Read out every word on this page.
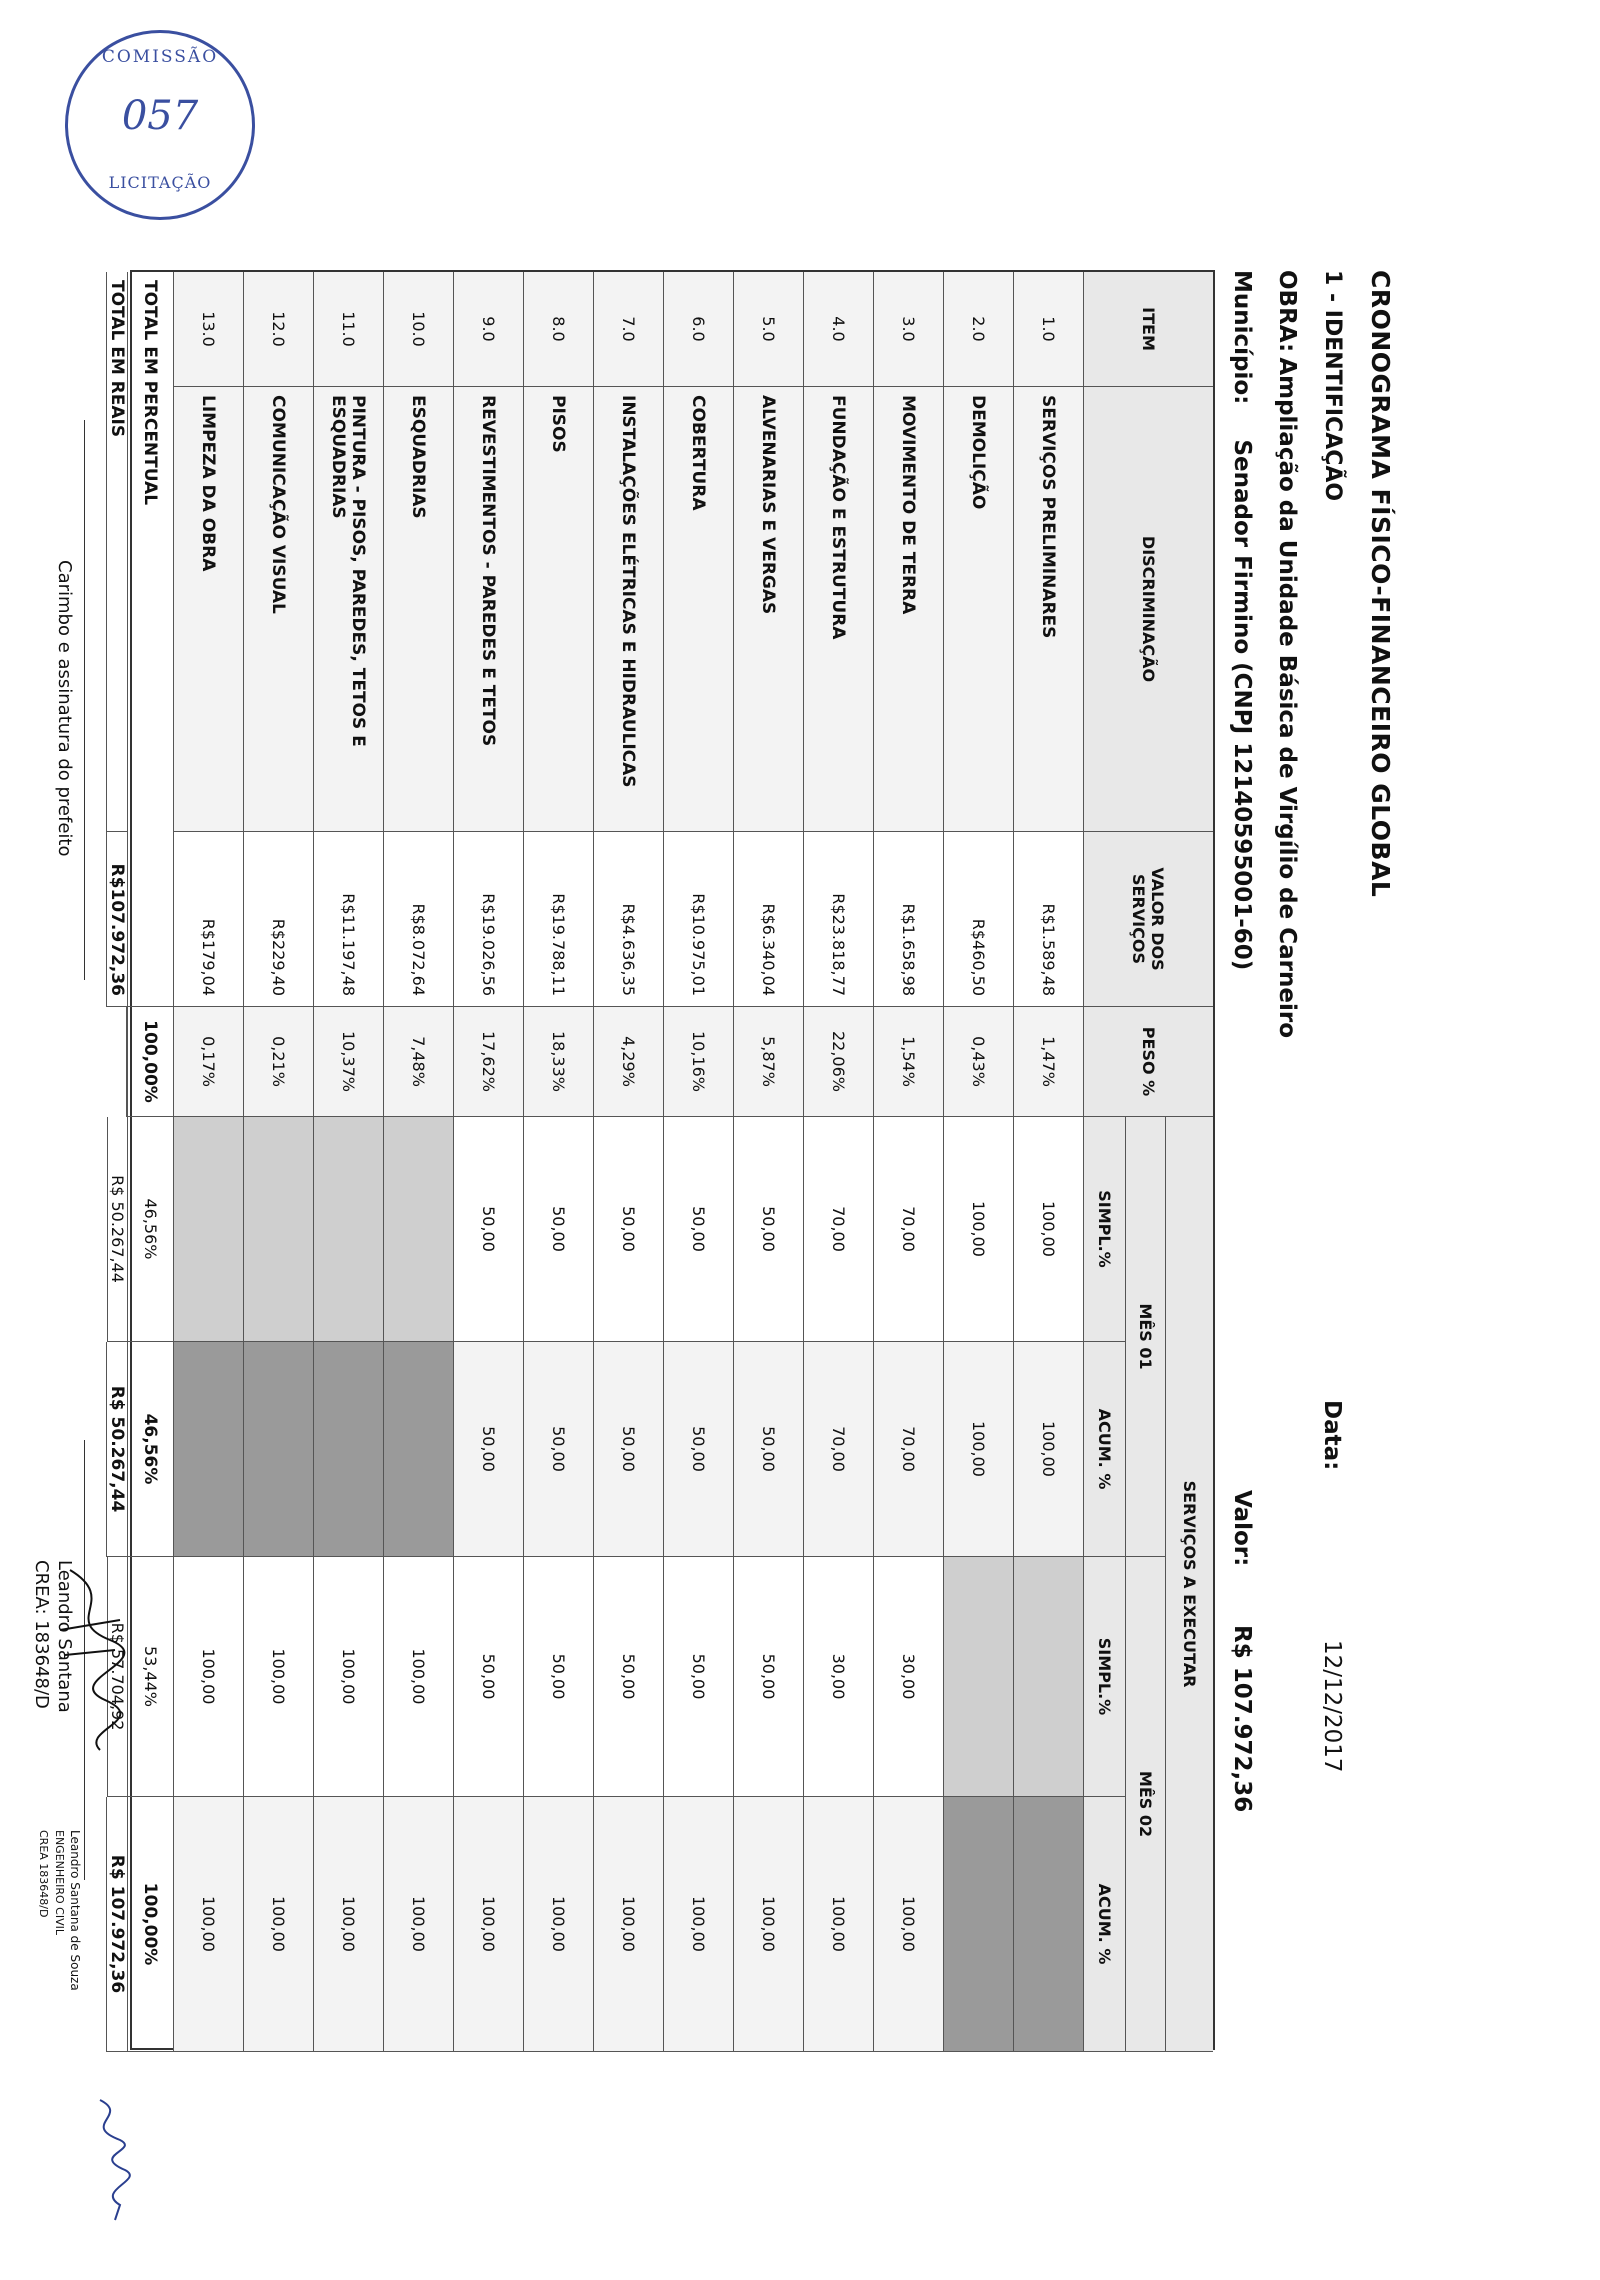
CRONOGRAMA FÍSICO-FINANCEIRO GLOBAL
1 - IDENTIFICAÇÃO
OBRA: Ampliação da Unidade Básica de Virgílio de Carneiro
Município: Senador Firmino (CNPJ 12140595001-60)
Data:
12/12/2017
Valor:
R$ 107.972,36
ITEM
DISCRIMINAÇÃO
VALOR DOS SERVIÇOS
PESO %
SERVIÇOS A EXECUTAR
MÊS 01
MÊS 02
SIMPL.%
ACUM. %
SIMPL.%
ACUM. %
1.0
SERVIÇOS PRELIMINARES
R$1.589,48
1,47%
100,00
100,00
2.0
DEMOLIÇÃO
R$460,50
0,43%
100,00
100,00
3.0
MOVIMENTO DE TERRA
R$1.658,98
1,54%
70,00
70,00
30,00
100,00
4.0
FUNDAÇÃO E ESTRUTURA
R$23.818,77
22,06%
70,00
70,00
30,00
100,00
5.0
ALVENARIAS E VERGAS
R$6.340,04
5,87%
50,00
50,00
50,00
100,00
6.0
COBERTURA
R$10.975,01
10,16%
50,00
50,00
50,00
100,00
7.0
INSTALAÇÕES ELÉTRICAS E HIDRAULICAS
R$4.636,35
4,29%
50,00
50,00
50,00
100,00
8.0
PISOS
R$19.788,11
18,33%
50,00
50,00
50,00
100,00
9.0
REVESTIMENTOS - PAREDES E TETOS
R$19.026,56
17,62%
50,00
50,00
50,00
100,00
10.0
ESQUADRIAS
R$8.072,64
7,48%
100,00
100,00
11.0
PINTURA - PISOS, PAREDES, TETOS E ESQUADRIAS
R$11.197,48
10,37%
100,00
100,00
12.0
COMUNICAÇÃO VISUAL
R$229,40
0,21%
100,00
100,00
13.0
LIMPEZA DA OBRA
R$179,04
0,17%
100,00
100,00
TOTAL EM PERCENTUAL
100,00%
46,56%
46,56%
53,44%
100,00%
TOTAL EM REAIS
R$107.972,36
R$ 50.267,44
R$ 50.267,44
R$ 57.704,92
R$ 107.972,36
Carimbo e assinatura do prefeito
Leandro Santana
CREA: 183648/D
Leandro Santana de Souza
ENGENHEIRO CIVIL
CREA 183648/D
COMISSÃO
057
LICITAÇÃO
